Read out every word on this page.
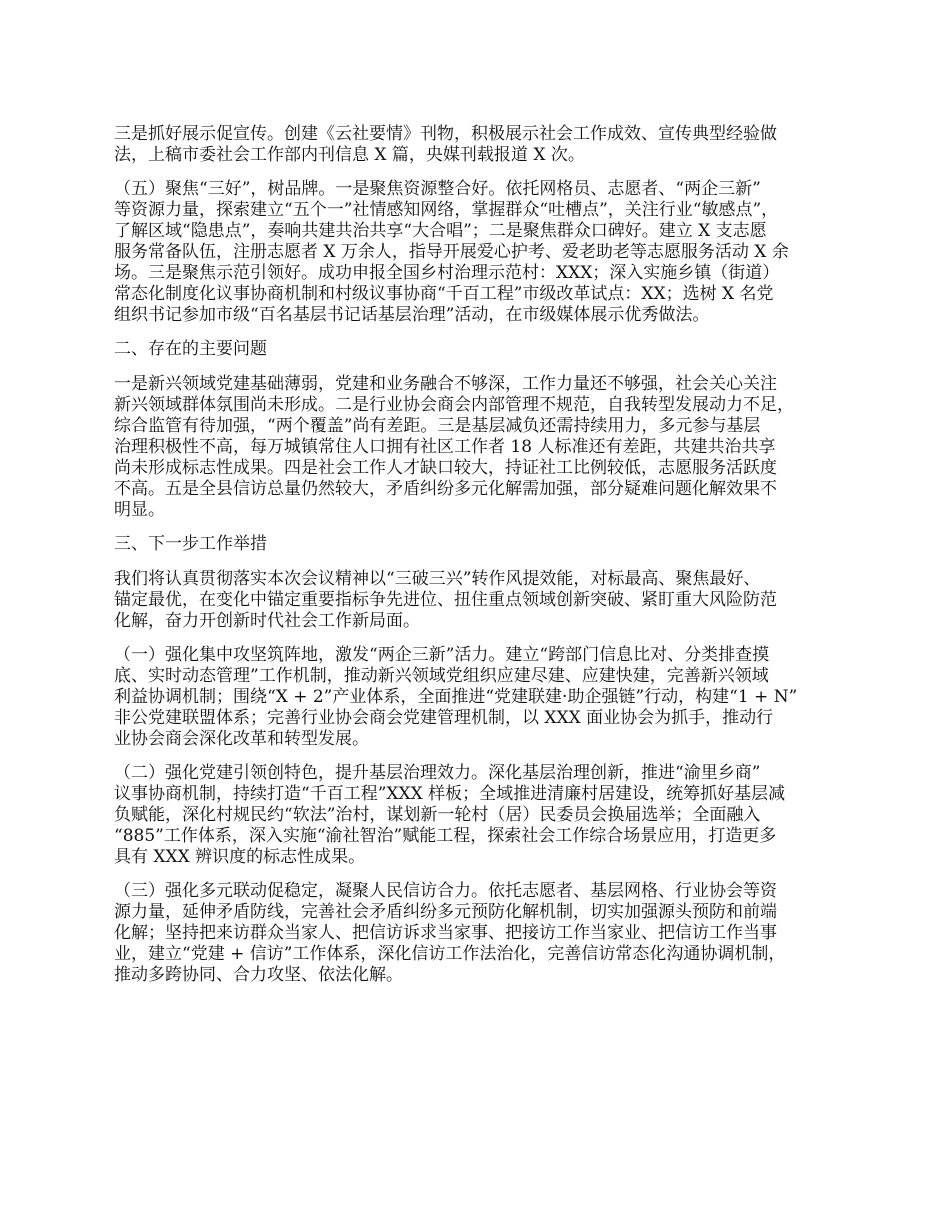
三是抓好展示促宣传。创建《云社要情》刊物，积极展示社会工作成效、宣传典型经验做
法，上稿市委社会工作部内刊信息 X 篇，央媒刊载报道 X 次。

（五）聚焦“三好”，树品牌。一是聚焦资源整合好。依托网格员、志愿者、“两企三新”
等资源力量，探索建立“五个一”社情感知网络，掌握群众“吐槽点”，关注行业“敏感点”，
了解区域“隐患点”，奏响共建共治共享“大合唱”；二是聚焦群众口碑好。建立 X 支志愿
服务常备队伍，注册志愿者 X 万余人，指导开展爱心护考、爱老助老等志愿服务活动 X 余
场。三是聚焦示范引领好。成功申报全国乡村治理示范村：XXX；深入实施乡镇（街道）
常态化制度化议事协商机制和村级议事协商“千百工程”市级改革试点：XX；选树 X 名党
组织书记参加市级“百名基层书记话基层治理”活动，在市级媒体展示优秀做法。

二、存在的主要问题

一是新兴领域党建基础薄弱，党建和业务融合不够深，工作力量还不够强，社会关心关注
新兴领域群体氛围尚未形成。二是行业协会商会内部管理不规范，自我转型发展动力不足，
综合监管有待加强，“两个覆盖”尚有差距。三是基层减负还需持续用力，多元参与基层
治理积极性不高，每万城镇常住人口拥有社区工作者 18 人标准还有差距，共建共治共享
尚未形成标志性成果。四是社会工作人才缺口较大，持证社工比例较低，志愿服务活跃度
不高。五是全县信访总量仍然较大，矛盾纠纷多元化解需加强，部分疑难问题化解效果不
明显。

三、下一步工作举措

我们将认真贯彻落实本次会议精神以“三破三兴”转作风提效能，对标最高、聚焦最好、
锚定最优，在变化中锚定重要指标争先进位、扭住重点领域创新突破、紧盯重大风险防范
化解，奋力开创新时代社会工作新局面。

（一）强化集中攻坚筑阵地，激发“两企三新”活力。建立“跨部门信息比对、分类排查摸
底、实时动态管理”工作机制，推动新兴领域党组织应建尽建、应建快建，完善新兴领域
利益协调机制；围绕“X + 2”产业体系，全面推进“党建联建·助企强链”行动，构建“1 + N”
非公党建联盟体系；完善行业协会商会党建管理机制，以 XXX 面业协会为抓手，推动行
业协会商会深化改革和转型发展。

（二）强化党建引领创特色，提升基层治理效力。深化基层治理创新，推进“渝里乡商”
议事协商机制，持续打造“千百工程”XXX 样板；全域推进清廉村居建设，统筹抓好基层减
负赋能，深化村规民约“软法”治村，谋划新一轮村（居）民委员会换届选举；全面融入
“885”工作体系，深入实施“渝社智治”赋能工程，探索社会工作综合场景应用，打造更多
具有 XXX 辨识度的标志性成果。

（三）强化多元联动促稳定，凝聚人民信访合力。依托志愿者、基层网格、行业协会等资
源力量，延伸矛盾防线，完善社会矛盾纠纷多元预防化解机制，切实加强源头预防和前端
化解；坚持把来访群众当家人、把信访诉求当家事、把接访工作当家业、把信访工作当事
业，建立“党建 + 信访”工作体系，深化信访工作法治化，完善信访常态化沟通协调机制，
推动多跨协同、合力攻坚、依法化解。
